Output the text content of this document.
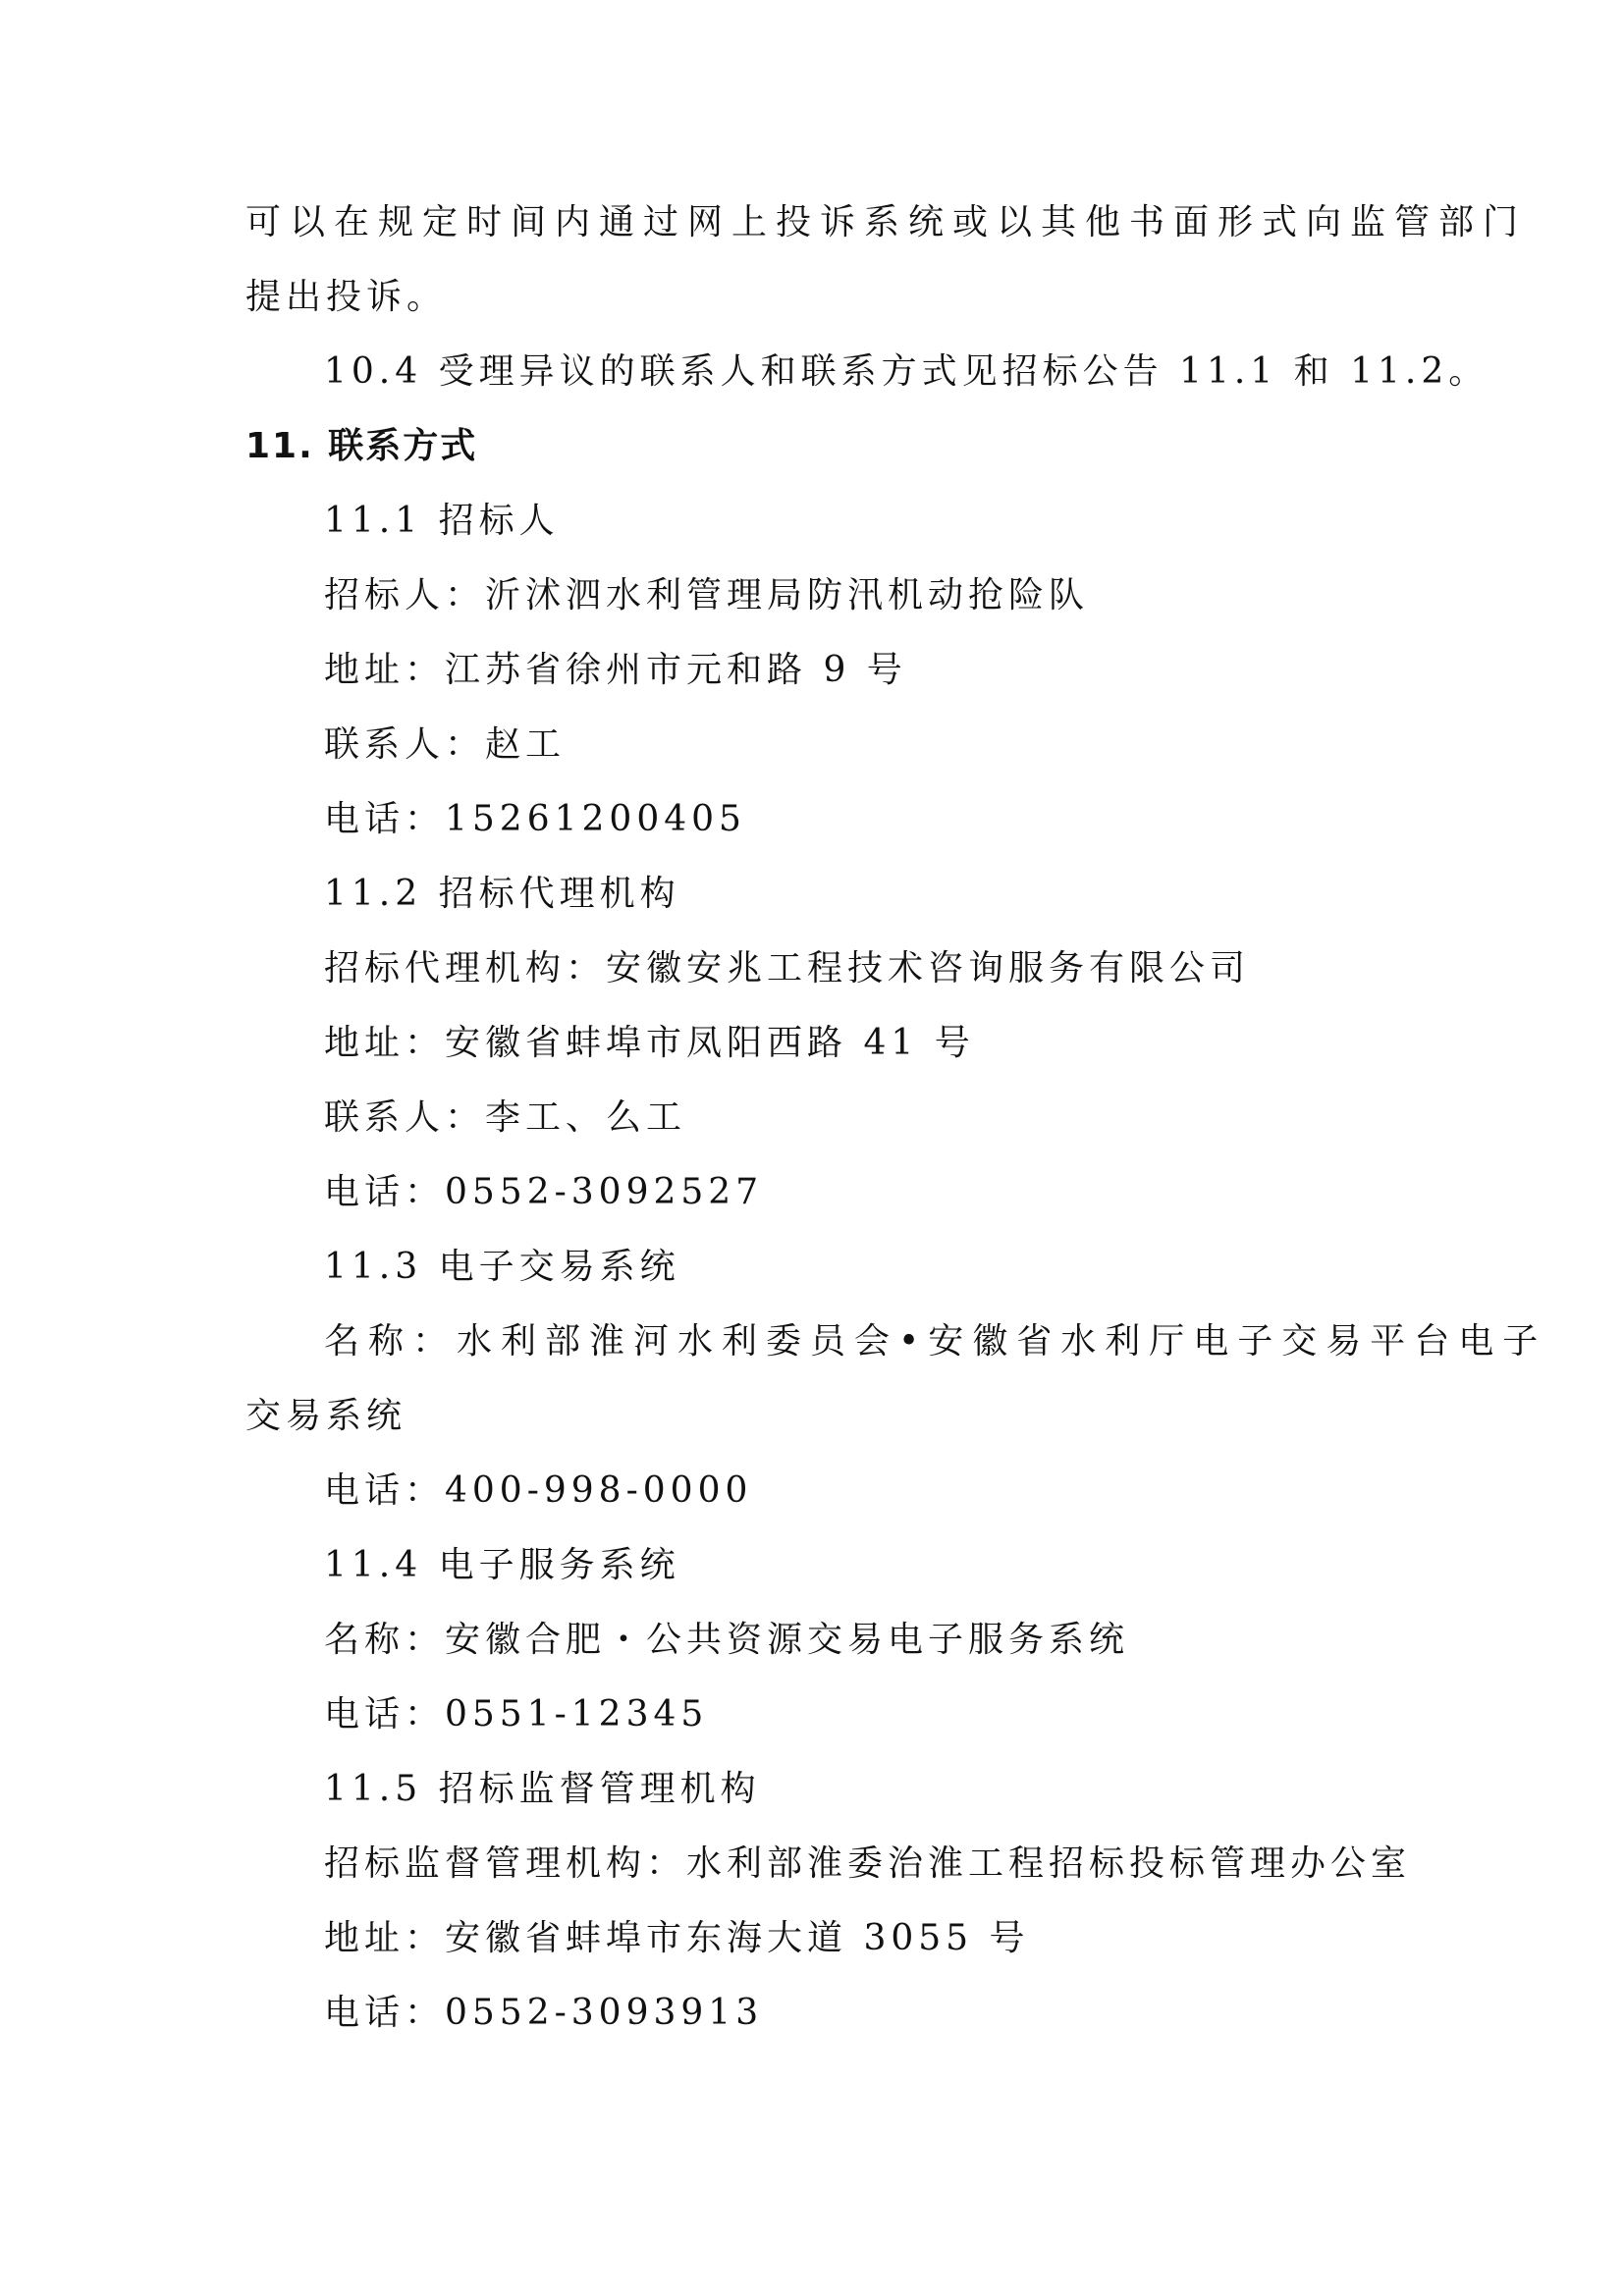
可以在规定时间内通过网上投诉系统或以其他书面形式向监管部门
提出投诉。
10.4 受理异议的联系人和联系方式见招标公告 11.1 和 11.2。
11. 联系方式
11.1 招标人
招标人：沂沭泗水利管理局防汛机动抢险队
地址：江苏省徐州市元和路 9 号
联系人：赵工
电话：15261200405
11.2 招标代理机构
招标代理机构：安徽安兆工程技术咨询服务有限公司
地址：安徽省蚌埠市凤阳西路 41 号
联系人：李工、么工
电话：0552-3092527
11.3 电子交易系统
名称：水利部淮河水利委员会•安徽省水利厅电子交易平台电子
交易系统
电话：400-998-0000
11.4 电子服务系统
名称：安徽合肥・公共资源交易电子服务系统
电话：0551-12345
11.5 招标监督管理机构
招标监督管理机构：水利部淮委治淮工程招标投标管理办公室
地址：安徽省蚌埠市东海大道 3055 号
电话：0552-3093913
